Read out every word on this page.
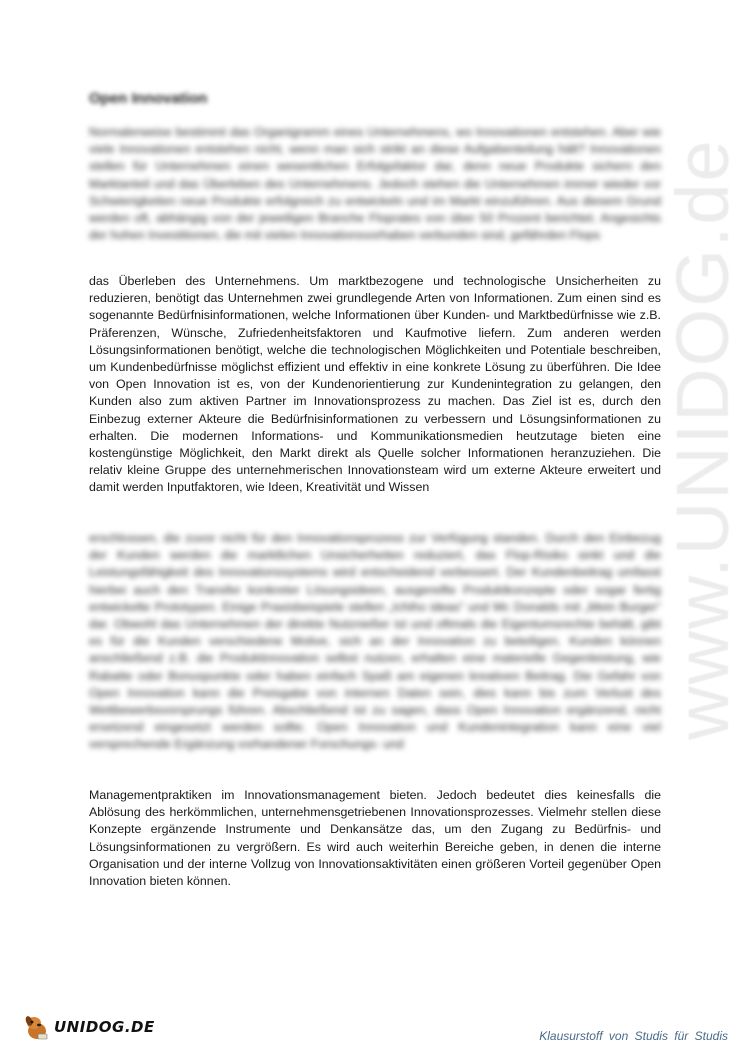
Open Innovation

Normalerweise bestimmt das Organigramm eines Unternehmens, wo Innovationen entstehen. Aber wie viele Innovationen entstehen nicht, wenn man sich strikt an diese Aufgabenteilung hält? Innovationen stellen für Unternehmen einen wesentlichen Erfolgsfaktor dar, denn neue Produkte sichern den Marktanteil und das Überleben des Unternehmens. Jedoch stehen die Unternehmen immer wieder vor Schwierigkeiten neue Produkte erfolgreich zu entwickeln und im Markt einzuführen. Aus diesem Grund werden oft, abhängig von der jeweiligen Branche Floprates von über 50 Prozent berichtet. Angesichts der hohen Investitionen, die mit vielen Innovationsvorhaben verbunden sind, gefährden Flops

das Überleben des Unternehmens. Um marktbezogene und technologische Unsicherheiten zu reduzieren, benötigt das Unternehmen zwei grundlegende Arten von Informationen. Zum einen sind es sogenannte Bedürfnisinformationen, welche Informationen über Kunden- und Marktbedürfnisse wie z.B. Präferenzen, Wünsche, Zufriedenheitsfaktoren und Kaufmotive liefern. Zum anderen werden Lösungsinformationen benötigt, welche die technologischen Möglichkeiten und Potentiale beschreiben, um Kundenbedürfnisse möglichst effizient und effektiv in eine konkrete Lösung zu überführen. Die Idee von Open Innovation ist es, von der Kundenorientierung zur Kundenintegration zu gelangen, den Kunden also zum aktiven Partner im Innovationsprozess zu machen. Das Ziel ist es, durch den Einbezug externer Akteure die Bedürfnisinformationen zu verbessern und Lösungsinformationen zu erhalten. Die modernen Informations- und Kommunikationsmedien heutzutage bieten eine kostengünstige Möglichkeit, den Markt direkt als Quelle solcher Informationen heranzuziehen. Die relativ kleine Gruppe des unternehmerischen Innovationsteam wird um externe Akteure erweitert und damit werden Inputfaktoren, wie Ideen, Kreativität und Wissen

erschlossen, die zuvor nicht für den Innovationsprozess zur Verfügung standen. Durch den Einbezug der Kunden werden die marktlichen Unsicherheiten reduziert, das Flop-Risiko sinkt und die Leistungsfähigkeit des Innovationssystems wird entscheidend verbessert. Der Kundenbeitrag umfasst hierbei auch den Transfer konkreter Lösungsideen, ausgereifte Produktkonzepte oder sogar fertig entwickelte Prototypen. Einige Praxisbeispiele stellen „Ichiho ideas“ und Mc Donalds mit „Mein Burger“ dar. Obwohl das Unternehmen der direkte Nutznießer ist und oftmals die Eigentumsrechte behält, gibt es für die Kunden verschiedene Motive, sich an der Innovation zu beteiligen. Kunden können anschließend z.B. die Produktinnovation selbst nutzen, erhalten eine materielle Gegenleistung, wie Rabatte oder Bonuspunkte oder haben einfach Spaß am eigenen kreativen Beitrag. Die Gefahr von Open Innovation kann die Preisgabe von internen Daten sein, dies kann bis zum Verlust des Wettbewerbsvorsprungs führen. Abschließend ist zu sagen, dass Open Innovation ergänzend, nicht ersetzend eingesetzt werden sollte. Open Innovation und Kundenintegration kann eine viel versprechende Ergänzung vorhandener Forschungs- und

Managementpraktiken im Innovationsmanagement bieten. Jedoch bedeutet dies keinesfalls die Ablösung des herkömmlichen, unternehmensgetriebenen Innovationsprozesses. Vielmehr stellen diese Konzepte ergänzende Instrumente und Denkansätze das, um den Zugang zu Bedürfnis- und Lösungsinformationen zu vergrößern. Es wird auch weiterhin Bereiche geben, in denen die interne Organisation und der interne Vollzug von Innovationsaktivitäten einen größeren Vorteil gegenüber Open Innovation bieten können.

www.UNIDOG.de
UNIDOG.DE	Klausurstoff von Studis für Studis
